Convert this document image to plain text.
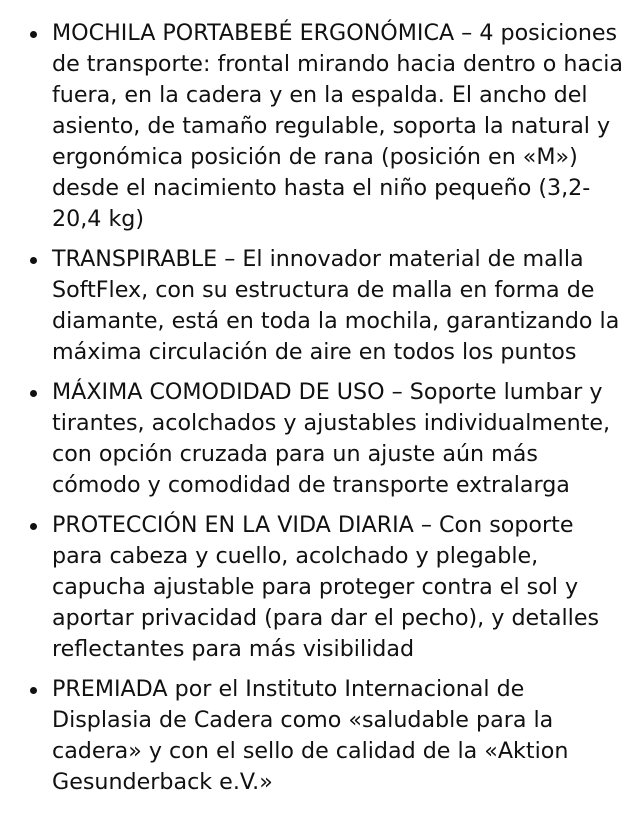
MOCHILA PORTABEBÉ ERGONÓMICA – 4 posiciones de transporte: frontal mirando hacia dentro o hacia fuera, en la cadera y en la espalda. El ancho del asiento, de tamaño regulable, soporta la natural y ergonómica posición de rana (posición en «M») desde el nacimiento hasta el niño pequeño (3,2-20,4 kg)
TRANSPIRABLE – El innovador material de malla SoftFlex, con su estructura de malla en forma de diamante, está en toda la mochila, garantizando la máxima circulación de aire en todos los puntos
MÁXIMA COMODIDAD DE USO – Soporte lumbar y tirantes, acolchados y ajustables individualmente, con opción cruzada para un ajuste aún más cómodo y comodidad de transporte extralarga
PROTECCIÓN EN LA VIDA DIARIA – Con soporte para cabeza y cuello, acolchado y plegable, capucha ajustable para proteger contra el sol y aportar privacidad (para dar el pecho), y detalles reflectantes para más visibilidad
PREMIADA por el Instituto Internacional de Displasia de Cadera como «saludable para la cadera» y con el sello de calidad de la «Aktion Gesunderback e.V.»
